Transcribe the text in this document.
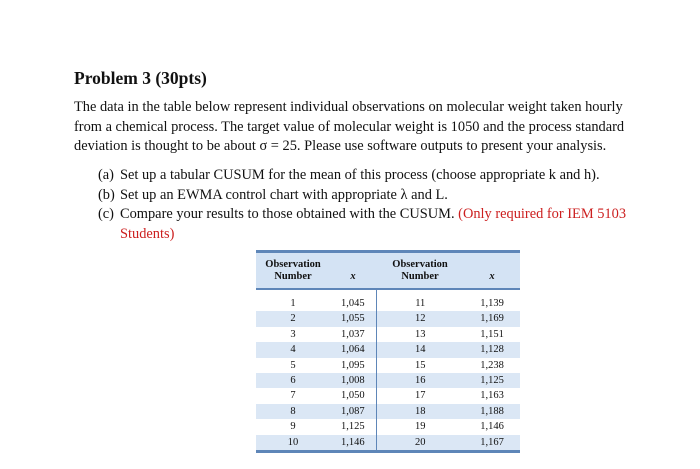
Problem 3 (30pts)

The data in the table below represent individual observations on molecular weight taken hourly from a chemical process. The target value of molecular weight is 1050 and the process standard deviation is thought to be about σ = 25. Please use software outputs to present your analysis.

(a) Set up a tabular CUSUM for the mean of this process (choose appropriate k and h).
(b) Set up an EWMA control chart with appropriate λ and L.
(c) Compare your results to those obtained with the CUSUM. (Only required for IEM 5103 Students)
Observation Number	x	Observation Number	x
1	1,045	11	1,139
2	1,055	12	1,169
3	1,037	13	1,151
4	1,064	14	1,128
5	1,095	15	1,238
6	1,008	16	1,125
7	1,050	17	1,163
8	1,087	18	1,188
9	1,125	19	1,146
10	1,146	20	1,167
